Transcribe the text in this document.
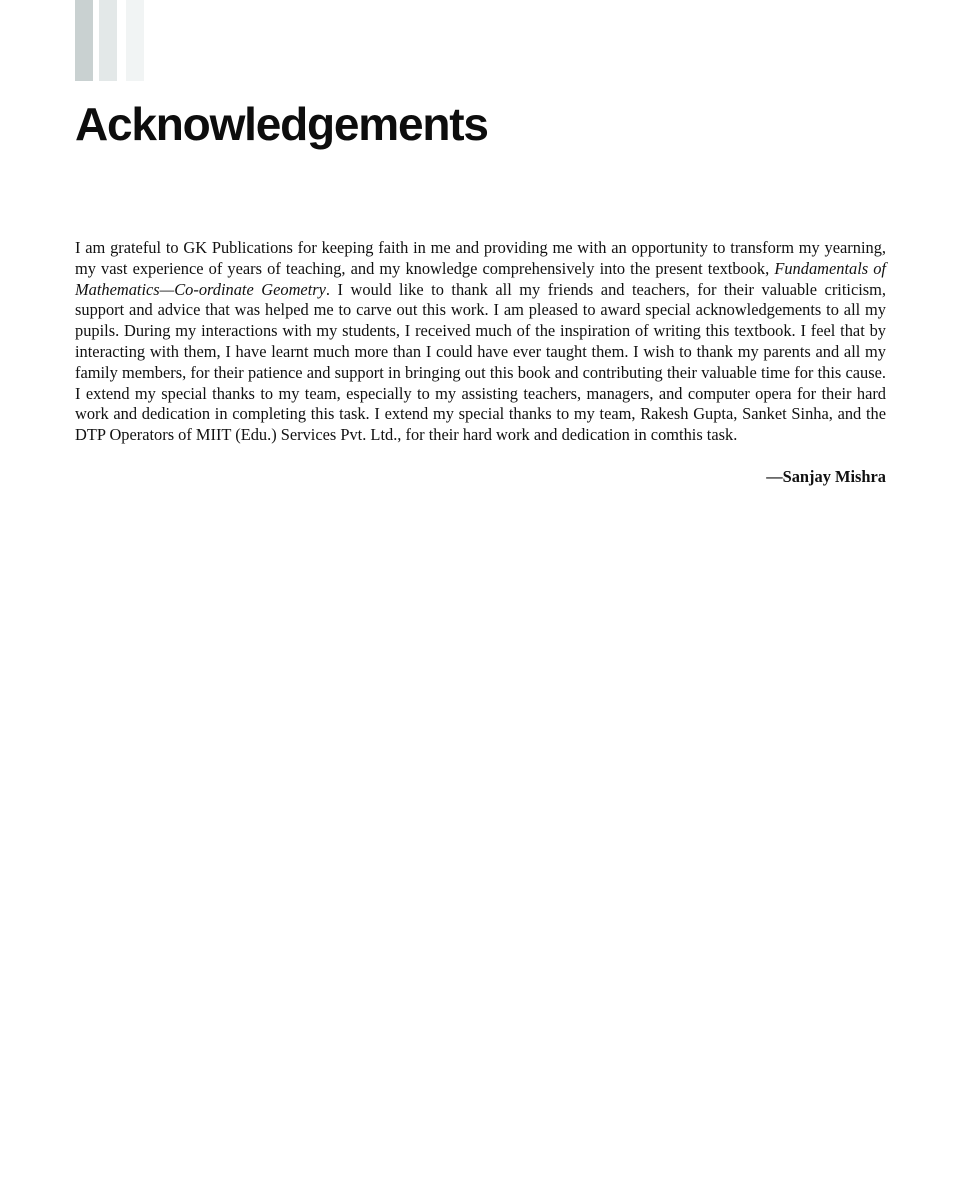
Acknowledgements

I am grateful to GK Publications for keeping faith in me and providing me with an opportunity to transform my yearning, my vast experience of years of teaching, and my knowledge comprehensively into the present textbook, Fundamentals of Mathematics—Co-ordinate Geometry. I would like to thank all my friends and teachers, for their valuable criticism, support and advice that was helped me to carve out this work. I am pleased to award special acknowledgements to all my pupils. During my interactions with my students, I received much of the inspiration of writing this textbook. I feel that by interacting with them, I have learnt much more than I could have ever taught them. I wish to thank my parents and all my family members, for their patience and support in bringing out this book and contributing their valuable time for this cause. I extend my special thanks to my team, especially to my assisting teachers, managers, and computer opera for their hard work and dedication in completing this task. I extend my special thanks to my team, Rakesh Gupta, Sanket Sinha, and the DTP Operators of MIIT (Edu.) Services Pvt. Ltd., for their hard work and dedication in comthis task.

—Sanjay Mishra
